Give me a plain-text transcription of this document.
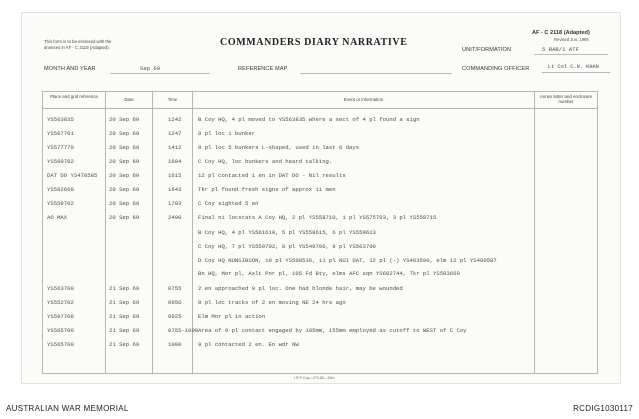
This form is to be enclosed with the
annexes in AF - C 2119 (Adapted).	COMMANDERS DIARY NARRATIVE
AF - C 2118 (Adapted)
Revised Jun, 1965
UNIT/FORMATION	5 RAR/1 ATF
MONTH AND YEAR	Sep 69	REFERENCE MAP	COMMANDING OFFICER	Lt Col C.N. KHAN
Place and grid reference
Date	Time	Event or information
Annex letter and enclosure number
YS563835	20 Sep 69	1242	B Coy HQ, 4 pl moved to YS563835 where a sect of 4 pl found a sign
YS567701	20 Sep 69	1247	9 pl loc 1 bunker
YS577770	20 Sep 69	1412	9 pl loc 5 bunkers L-shaped, used in last 6 days
YS560702	20 Sep 69	1604	C Coy HQ, loc bunkers and heard talking.
DAT DO YS478585 20 Sep 69	1615	12 pl contacted 1 en in DAT DO - Nil results
YS582660	20 Sep 69	1643	Tkr pl found fresh signs of approx 11 men
YS559702	20 Sep 69	1703	C Coy sighted 5 en
AO MAX	20 Sep 69	2400	Final ni locstats A Coy HQ, 2 pl YS558710, 1 pl YS575703, 3 pl YS558715
B Coy HQ, 4 pl YS561610, 5 pl YS558615, 6 pl YS559613
C Coy HQ, 7 pl YS559702, 8 pl YS549706, 9 pl YS563700
D Coy HQ NUNSIBSON, 10 pl YS508536, 11 pl NUI DAT, 12 pl (-) YS463590, elm 12 pl YS480587
Bn HQ, Mor pl, Aslt Pnr pl, 105 Fd Bty, elms AFC sqn YS602744, Tkr pl YS583660
YS563700	21 Sep 69	0755	2 en approached 9 pl loc. One had blonde hair, may be wounded
YS552702	21 Sep 69	0950	8 pl loc tracks of 2 en moving NE 24 hrs ago
YS597708	21 Sep 69	0925	Elm Mor pl in action
YS565700	21 Sep 69	0755-1000 Area of 9 pl contact engaged by 105mm, 155mm employed as cutoff to WEST of C Coy
YS565700	21 Sep 69	1000	9 pl contacted 2 en. En wdr NW
I R P Coy—273.83—15m
AUSTRALIAN WAR MEMORIAL	RCDIG1030117
